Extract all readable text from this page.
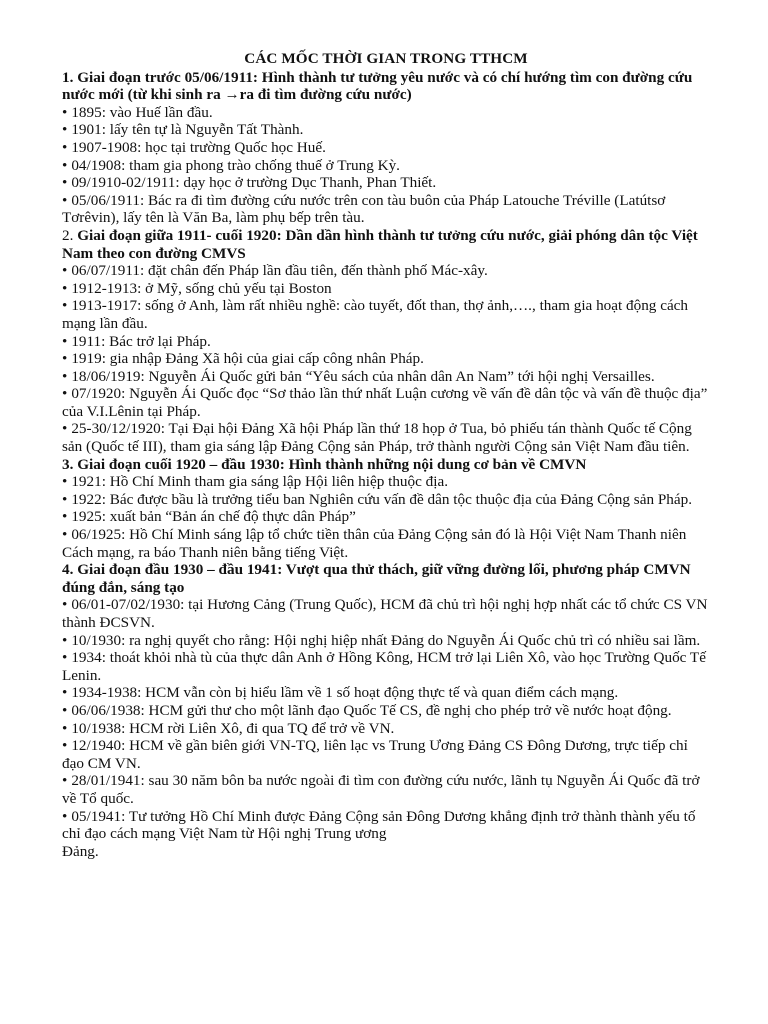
CÁC MỐC THỜI GIAN TRONG TTHCM
1. Giai đoạn trước 05/06/1911: Hình thành tư tưởng yêu nước và có chí hướng tìm con đường cứu nước mới (từ khi sinh ra →ra đi tìm đường cứu nước)
• 1895: vào Huế lần đầu.
• 1901: lấy tên tự là Nguyễn Tất Thành.
• 1907-1908: học tại trường Quốc học Huế.
• 04/1908: tham gia phong trào chống thuế ở Trung Kỳ.
• 09/1910-02/1911: dạy học ở trường Dục Thanh, Phan Thiết.
• 05/06/1911: Bác ra đi tìm đường cứu nước trên con tàu buôn của Pháp Latouche Tréville (Latútsơ Tơrêvin), lấy tên là Văn Ba, làm phụ bếp trên tàu.
2. Giai đoạn giữa 1911- cuối 1920: Dần dần hình thành tư tưởng cứu nước, giải phóng dân tộc Việt Nam theo con đường CMVS
• 06/07/1911: đặt chân đến Pháp lần đầu tiên, đến thành phố Mác-xây.
• 1912-1913: ở Mỹ, sống chủ yếu tại Boston
• 1913-1917: sống ở Anh, làm rất nhiều nghề: cào tuyết, đốt than, thợ ảnh,…., tham gia hoạt động cách mạng lần đầu.
• 1911: Bác trở lại Pháp.
• 1919: gia nhập Đảng Xã hội của giai cấp công nhân Pháp.
• 18/06/1919: Nguyễn Ái Quốc gửi bản “Yêu sách của nhân dân An Nam” tới hội nghị Versailles.
• 07/1920: Nguyễn Ái Quốc đọc “Sơ thảo lần thứ nhất Luận cương về vấn đề dân tộc và vấn đề thuộc địa” của V.I.Lênin tại Pháp.
• 25-30/12/1920: Tại Đại hội Đảng Xã hội Pháp lần thứ 18 họp ở Tua, bỏ phiếu tán thành Quốc tế Cộng sản (Quốc tế III), tham gia sáng lập Đảng Cộng sản Pháp, trở thành người Cộng sản Việt Nam đầu tiên.
3. Giai đoạn cuối 1920 – đầu 1930: Hình thành những nội dung cơ bản về CMVN
• 1921: Hồ Chí Minh tham gia sáng lập Hội liên hiệp thuộc địa.
• 1922: Bác được bầu là trưởng tiểu ban Nghiên cứu vấn đề dân tộc thuộc địa của Đảng Cộng sản Pháp.
• 1925: xuất bản “Bản án chế độ thực dân Pháp”
• 06/1925: Hồ Chí Minh sáng lập tổ chức tiền thân của Đảng Cộng sản đó là Hội Việt Nam Thanh niên Cách mạng, ra báo Thanh niên bằng tiếng Việt.
4. Giai đoạn đầu 1930 – đầu 1941: Vượt qua thử thách, giữ vững đường lối, phương pháp CMVN đúng đắn, sáng tạo
• 06/01-07/02/1930: tại Hương Cảng (Trung Quốc), HCM đã chủ trì hội nghị hợp nhất các tổ chức CS VN thành ĐCSVN.
• 10/1930: ra nghị quyết cho rằng: Hội nghị hiệp nhất Đảng do Nguyễn Ái Quốc chủ trì có nhiều sai lầm.
• 1934: thoát khỏi nhà tù của thực dân Anh ở Hồng Kông, HCM trở lại Liên Xô, vào học Trường Quốc Tế Lenin.
• 1934-1938: HCM vẫn còn bị hiểu lầm về 1 số hoạt động thực tế và quan điểm cách mạng.
• 06/06/1938: HCM gửi thư cho một lãnh đạo Quốc Tế CS, đề nghị cho phép trở về nước hoạt động.
• 10/1938: HCM rời Liên Xô, đi qua TQ để trở về VN.
• 12/1940: HCM về gần biên giới VN-TQ, liên lạc vs Trung Ương Đảng CS Đông Dương, trực tiếp chỉ đạo CM VN.
• 28/01/1941: sau 30 năm bôn ba nước ngoài đi tìm con đường cứu nước, lãnh tụ Nguyễn Ái Quốc đã trở về Tổ quốc.
• 05/1941: Tư tưởng Hồ Chí Minh được Đảng Cộng sản Đông Dương khẳng định trở thành thành yếu tố chỉ đạo cách mạng Việt Nam từ Hội nghị Trung ương
Đảng.
